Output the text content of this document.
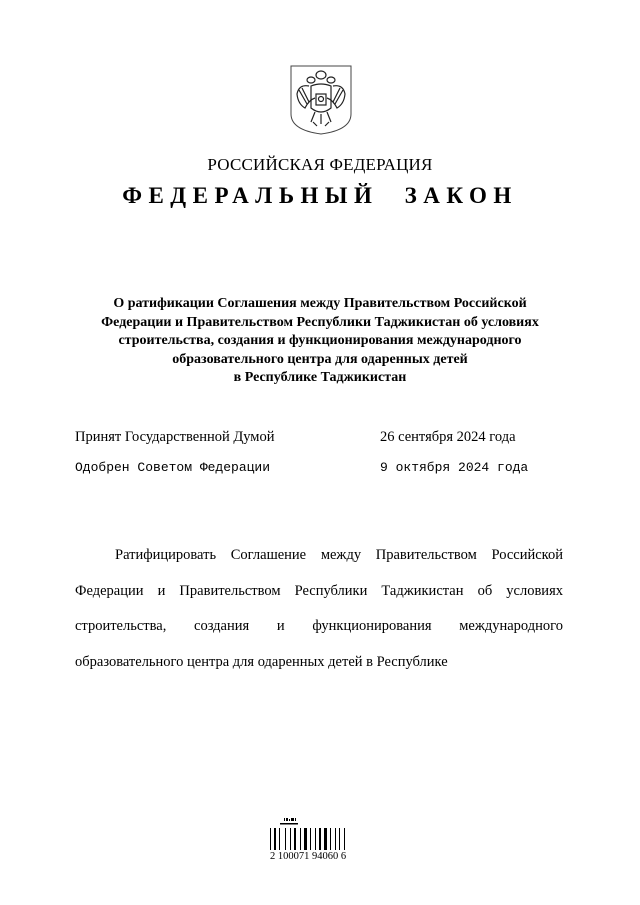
РОССИЙСКАЯ ФЕДЕРАЦИЯ
ФЕДЕРАЛЬНЫЙ ЗАКОН
О ратификации Соглашения между Правительством Российской
Федерации и Правительством Республики Таджикистан об условиях
строительства, создания и функционирования международного
образовательного центра для одаренных детей
в Республике Таджикистан
Принят Государственной Думой	26 сентября 2024 года
Одобрен Советом Федерации	9 октября 2024 года
Ратифицировать Соглашение между Правительством Российской Федерации и Правительством Республики Таджикистан об условиях строительства, создания и функционирования международного образовательного центра для одаренных детей в Республике
2 100071 94060 6
